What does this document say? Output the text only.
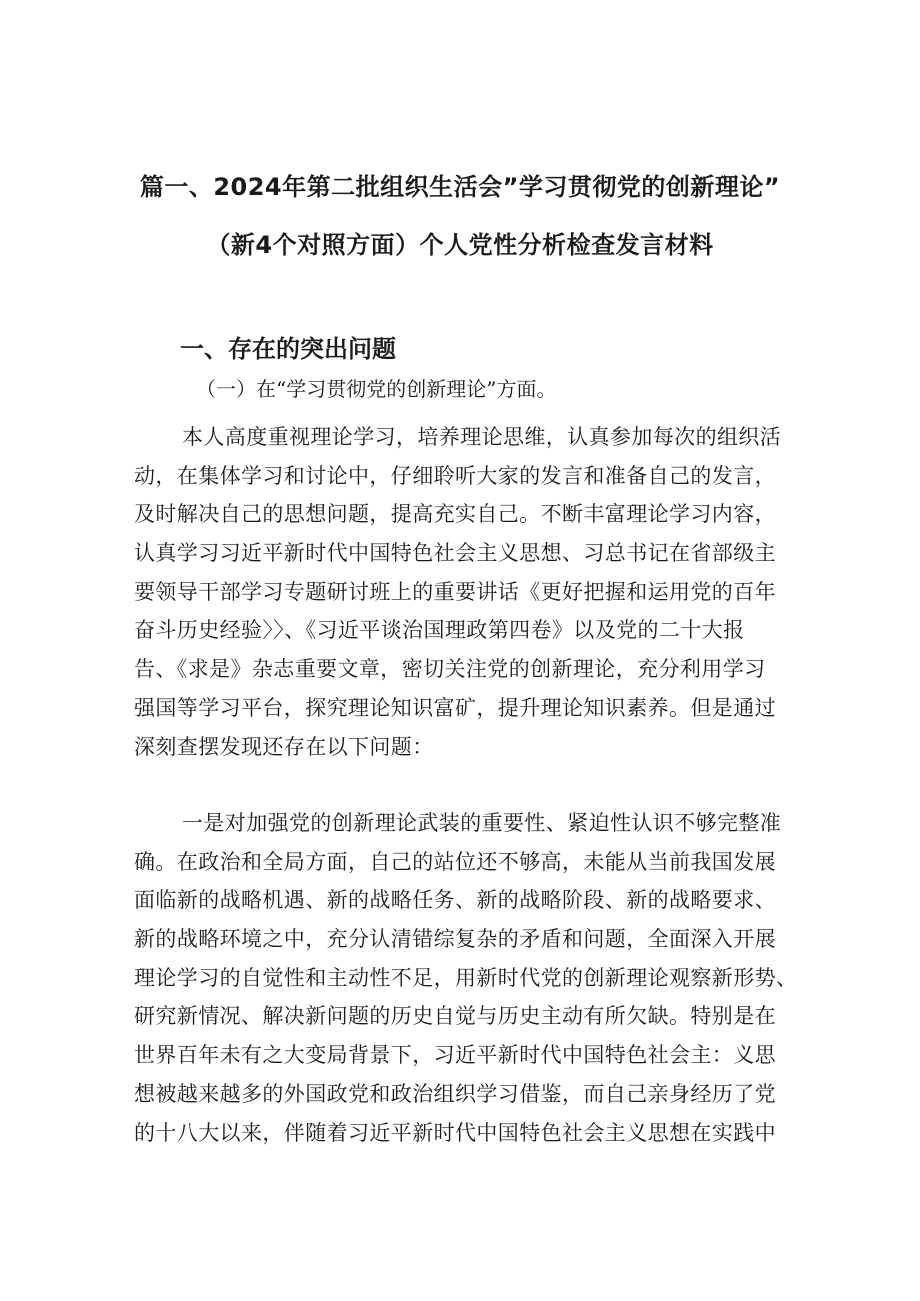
篇一、2024年第二批组织生活会”学习贯彻党的创新理论”
（新4个对照方面）个人党性分析检查发言材料
一、存在的突出问题
（一）在“学习贯彻党的创新理论”方面。
本人高度重视理论学习，培养理论思维，认真参加每次的组织活
动，在集体学习和讨论中，仔细聆听大家的发言和准备自己的发言，
及时解决自己的思想问题，提高充实自己。不断丰富理论学习内容，
认真学习习近平新时代中国特色社会主义思想、习总书记在省部级主
要领导干部学习专题研讨班上的重要讲话《更好把握和运用党的百年
奋斗历史经验〉〉、《习近平谈治国理政第四卷》以及党的二十大报
告、《求是》杂志重要文章，密切关注党的创新理论，充分利用学习
强国等学习平台，探究理论知识富矿，提升理论知识素养。但是通过
深刻查摆发现还存在以下问题：
一是对加强党的创新理论武装的重要性、紧迫性认识不够完整准
确。在政治和全局方面，自己的站位还不够高，未能从当前我国发展
面临新的战略机遇、新的战略任务、新的战略阶段、新的战略要求、
新的战略环境之中，充分认清错综复杂的矛盾和问题，全面深入开展
理论学习的自觉性和主动性不足，用新时代党的创新理论观察新形势、
研究新情况、解决新问题的历史自觉与历史主动有所欠缺。特别是在
世界百年未有之大变局背景下，习近平新时代中国特色社会主：义思
想被越来越多的外国政党和政治组织学习借鉴，而自己亲身经历了党
的十八大以来，伴随着习近平新时代中国特色社会主义思想在实践中
